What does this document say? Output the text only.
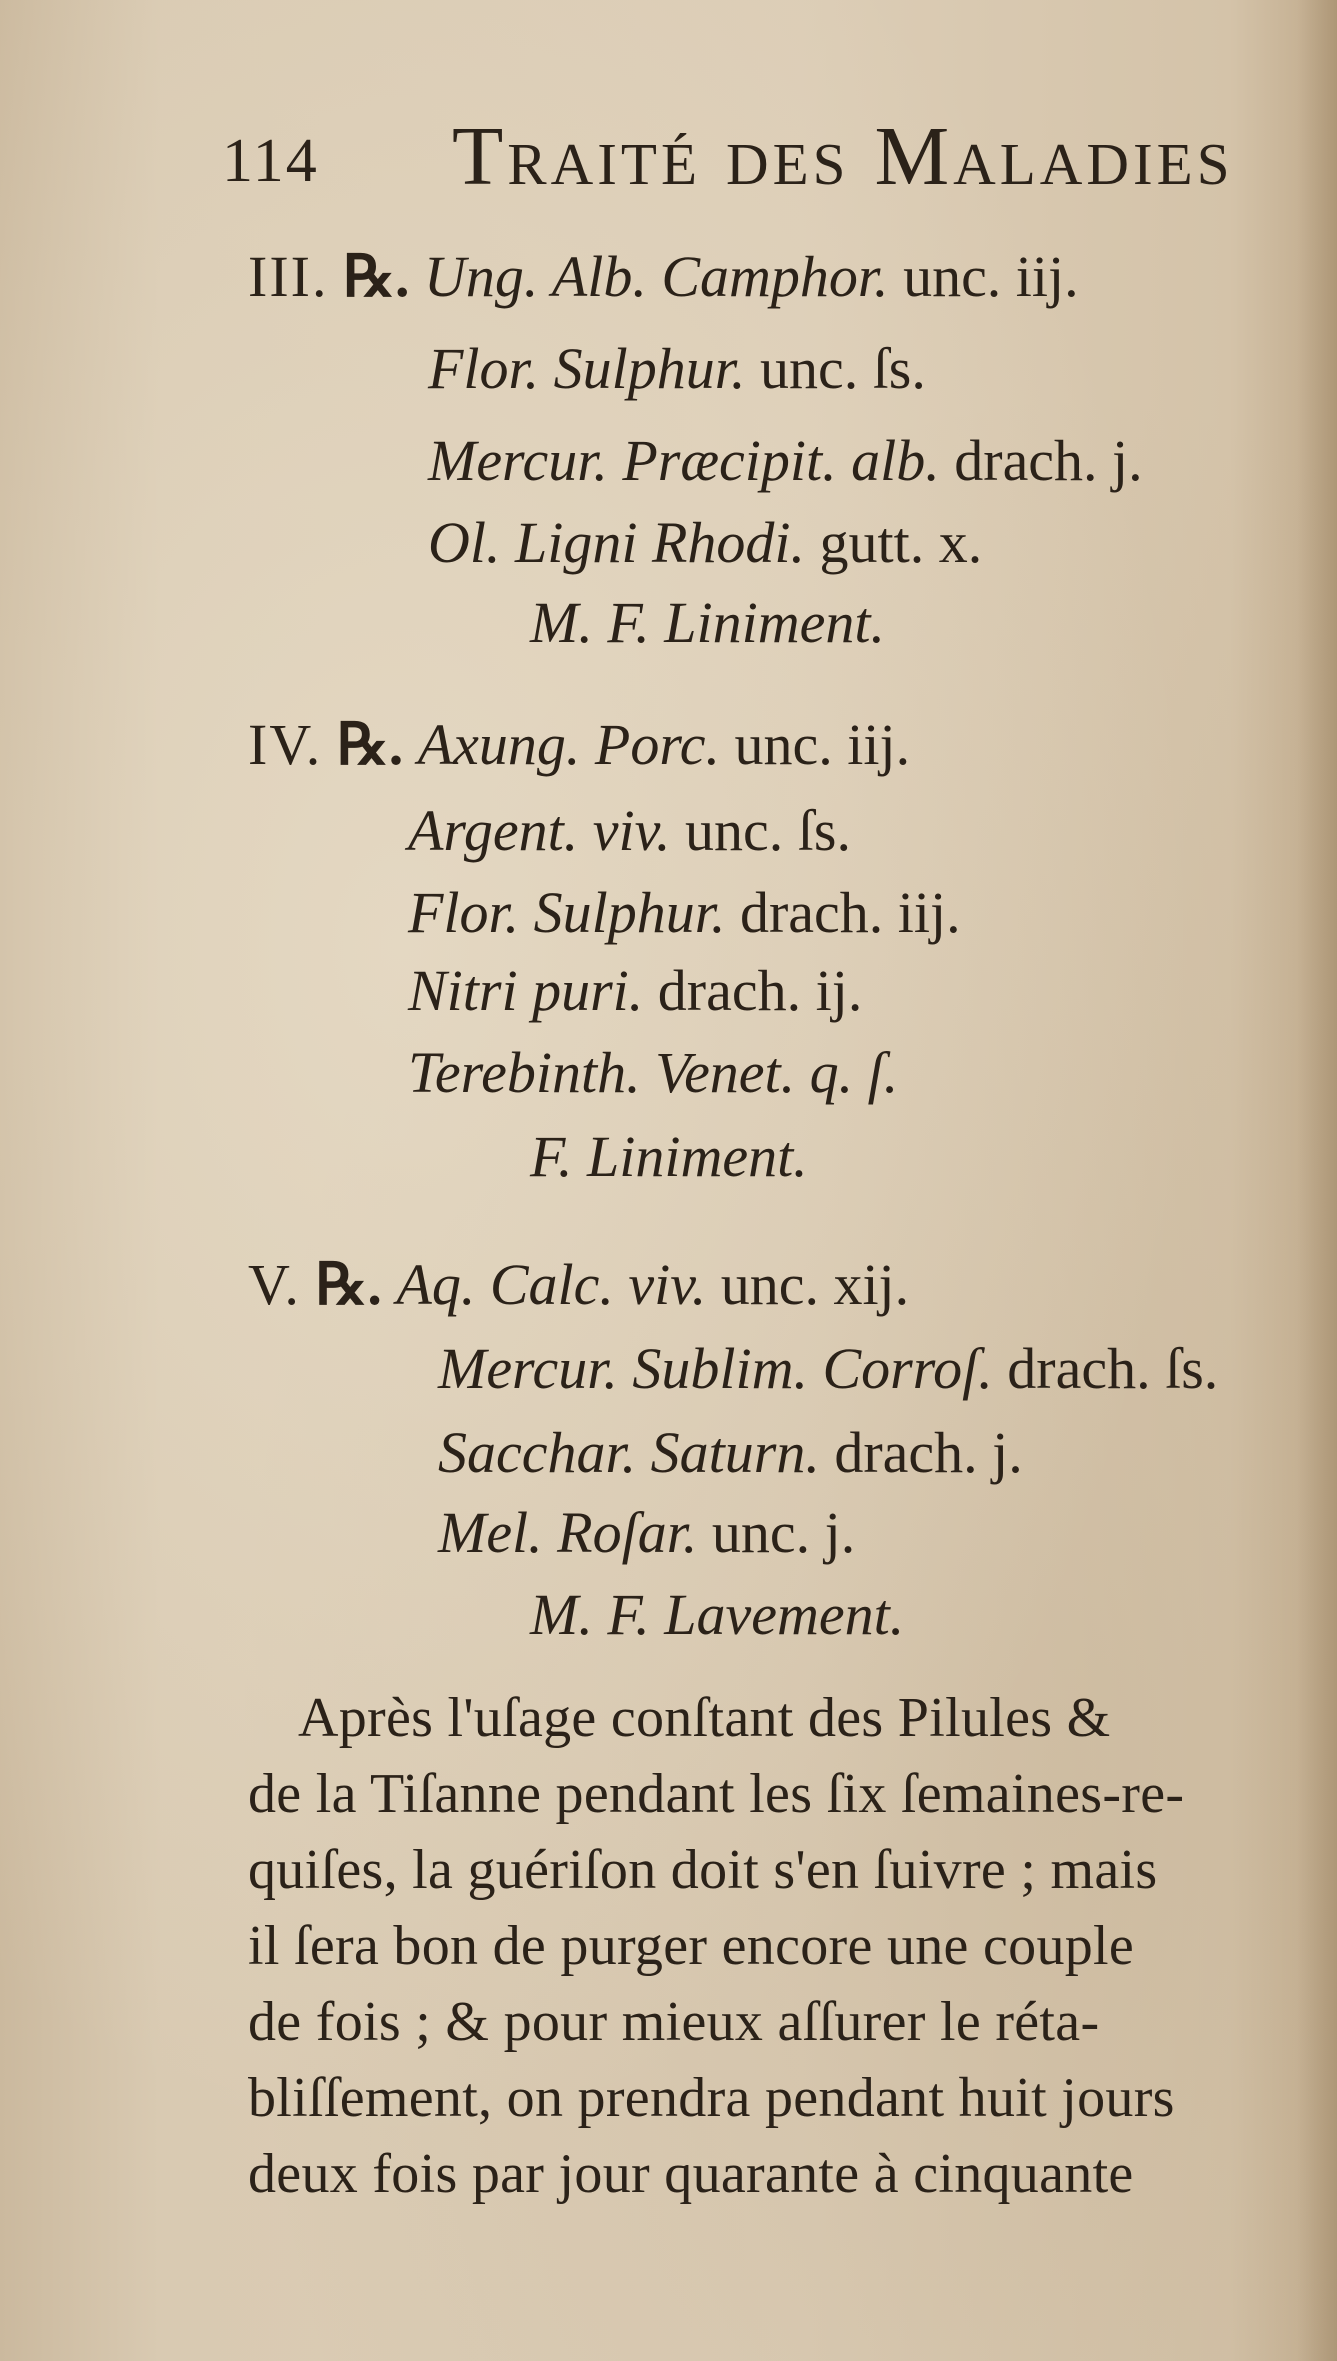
114 Traité des Maladies
III. ℞. Ung. Alb. Camphor. unc. iij.
Flor. Sulphur. unc. ſs.
Mercur. Præcipit. alb. drach. j.
Ol. Ligni Rhodi. gutt. x.
M. F. Liniment.
IV. ℞. Axung. Porc. unc. iij.
Argent. viv. unc. ſs.
Flor. Sulphur. drach. iij.
Nitri puri. drach. ij.
Terebinth. Venet. q. ſ.
F. Liniment.
V. ℞. Aq. Calc. viv. unc. xij.
Mercur. Sublim. Corroſ. drach. ſs.
Sacchar. Saturn. drach. j.
Mel. Roſar. unc. j.
M. F. Lavement.
Après l'uſage conſtant des Pilules &
de la Tiſanne pendant les ſix ſemaines-re-
quiſes, la guériſon doit s'en ſuivre ; mais
il ſera bon de purger encore une couple
de fois ; & pour mieux aſſurer le réta-
bliſſement, on prendra pendant huit jours
deux fois par jour quarante à cinquante
